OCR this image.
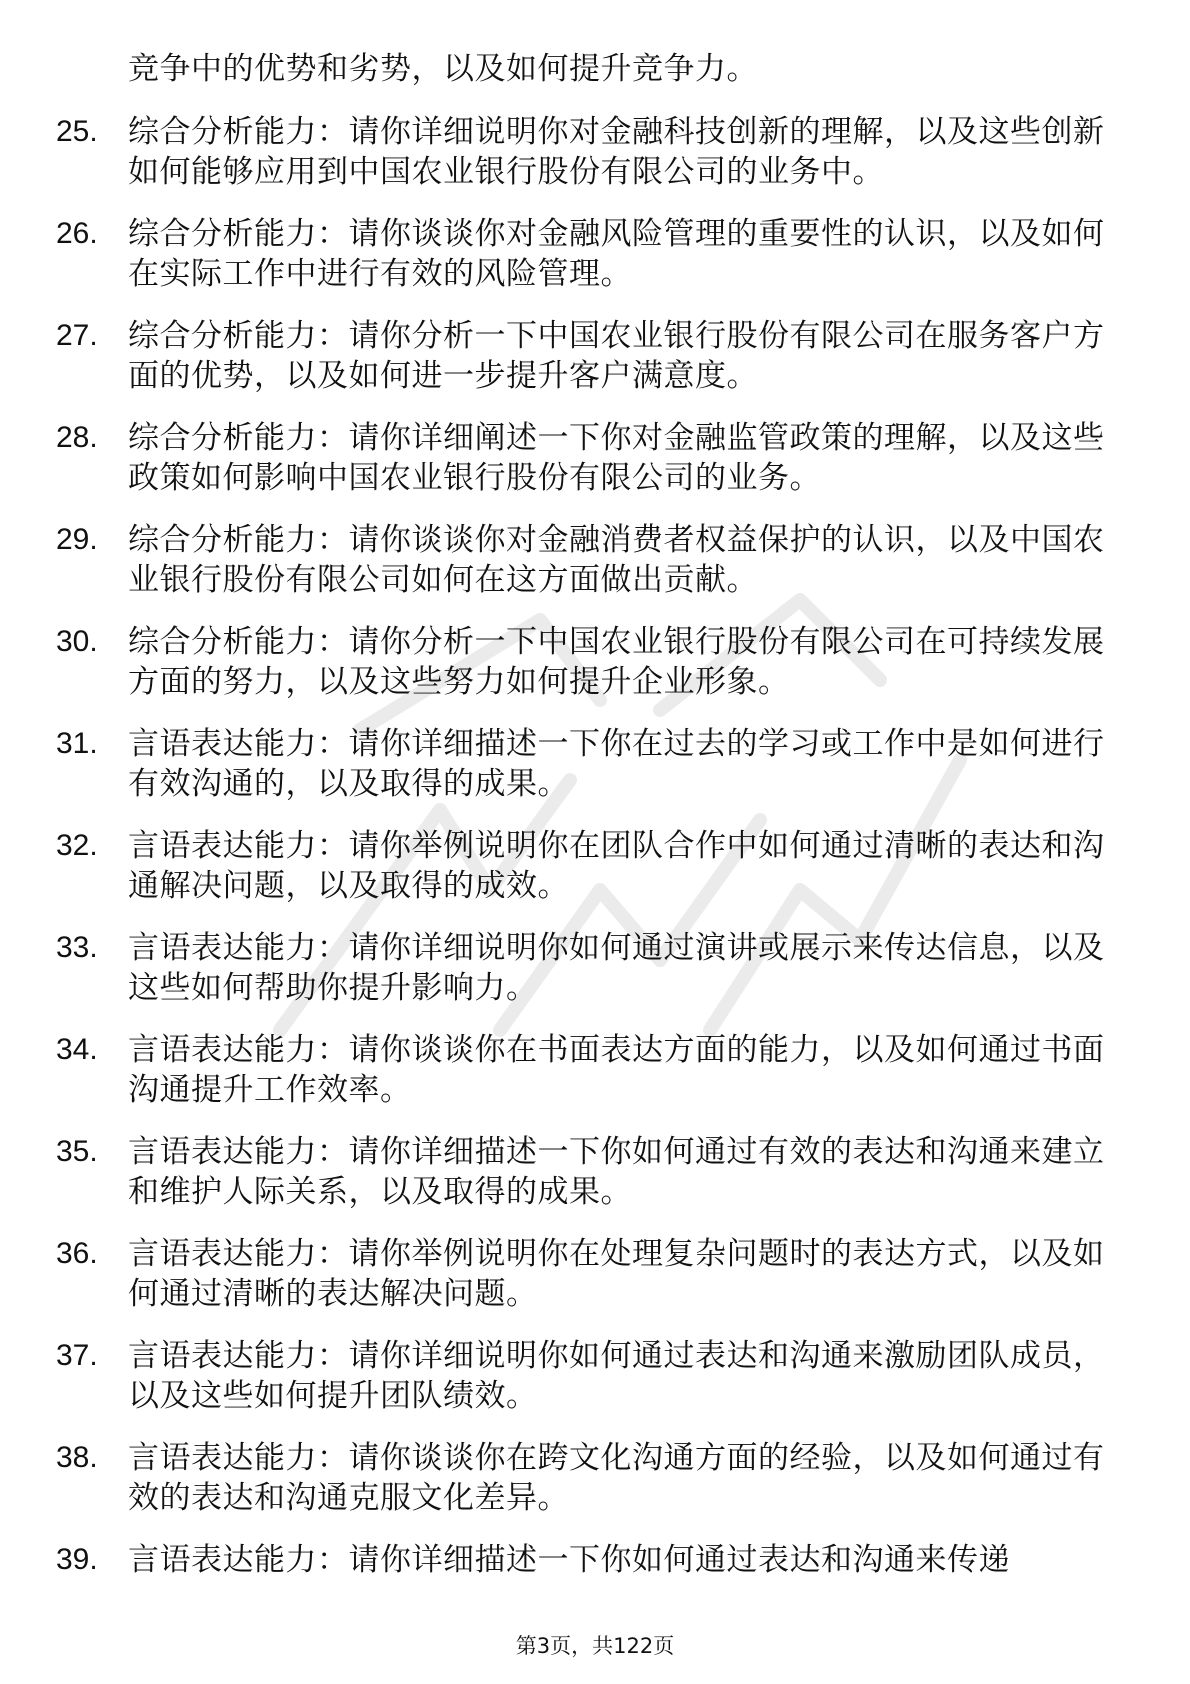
竞争中的优势和劣势，以及如何提升竞争力。
25. 综合分析能力：请你详细说明你对金融科技创新的理解，以及这些创新如何能够应用到中国农业银行股份有限公司的业务中。
26. 综合分析能力：请你谈谈你对金融风险管理的重要性的认识，以及如何在实际工作中进行有效的风险管理。
27. 综合分析能力：请你分析一下中国农业银行股份有限公司在服务客户方面的优势，以及如何进一步提升客户满意度。
28. 综合分析能力：请你详细阐述一下你对金融监管政策的理解，以及这些政策如何影响中国农业银行股份有限公司的业务。
29. 综合分析能力：请你谈谈你对金融消费者权益保护的认识，以及中国农业银行股份有限公司如何在这方面做出贡献。
30. 综合分析能力：请你分析一下中国农业银行股份有限公司在可持续发展方面的努力，以及这些努力如何提升企业形象。
31. 言语表达能力：请你详细描述一下你在过去的学习或工作中是如何进行有效沟通的，以及取得的成果。
32. 言语表达能力：请你举例说明你在团队合作中如何通过清晰的表达和沟通解决问题，以及取得的成效。
33. 言语表达能力：请你详细说明你如何通过演讲或展示来传达信息，以及这些如何帮助你提升影响力。
34. 言语表达能力：请你谈谈你在书面表达方面的能力，以及如何通过书面沟通提升工作效率。
35. 言语表达能力：请你详细描述一下你如何通过有效的表达和沟通来建立和维护人际关系，以及取得的成果。
36. 言语表达能力：请你举例说明你在处理复杂问题时的表达方式，以及如何通过清晰的表达解决问题。
37. 言语表达能力：请你详细说明你如何通过表达和沟通来激励团队成员，以及这些如何提升团队绩效。
38. 言语表达能力：请你谈谈你在跨文化沟通方面的经验，以及如何通过有效的表达和沟通克服文化差异。
39. 言语表达能力：请你详细描述一下你如何通过表达和沟通来传递
第3页，共122页
